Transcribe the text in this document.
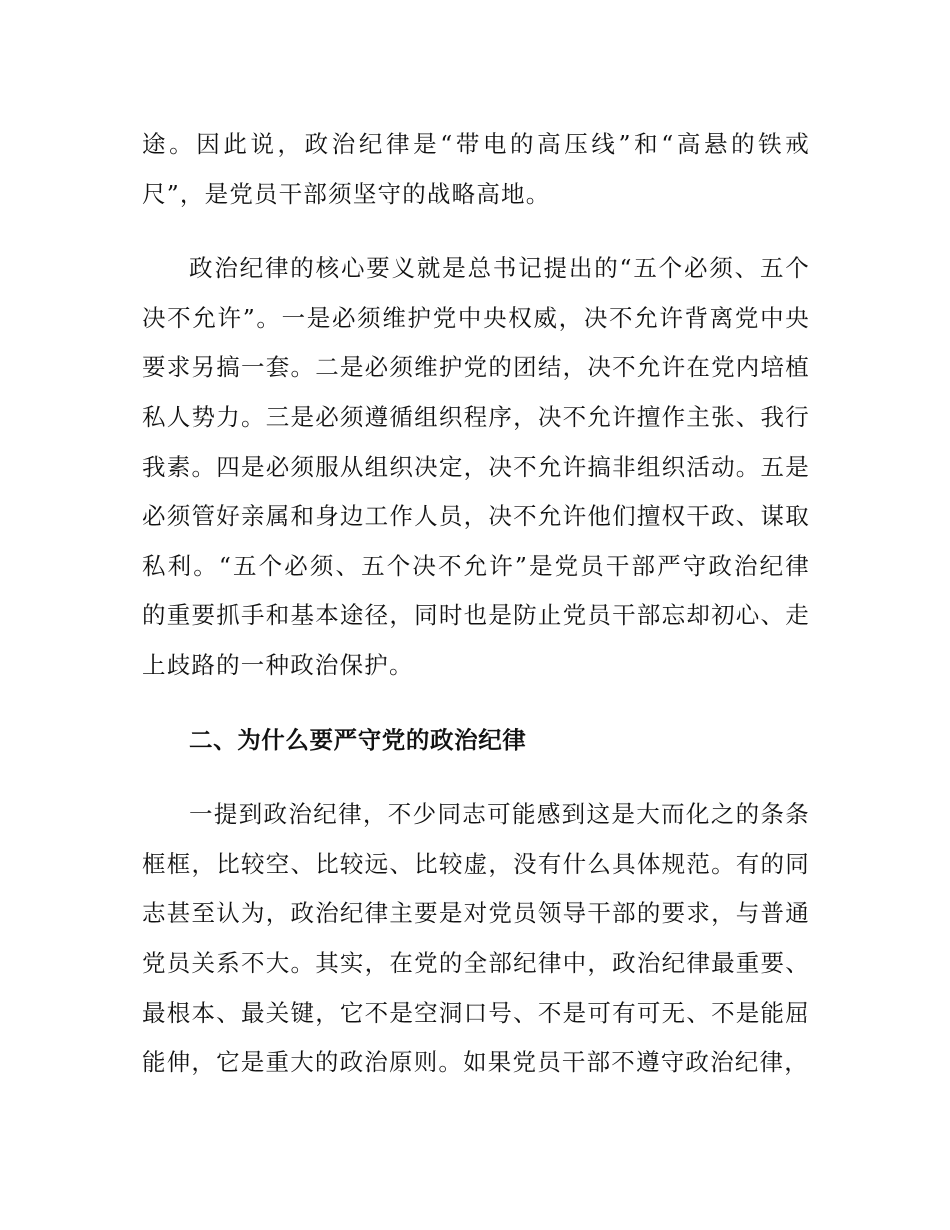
途。因此说，政治纪律是“带电的高压线”和“高悬的铁戒尺”，是党员干部须坚守的战略高地。

政治纪律的核心要义就是总书记提出的“五个必须、五个决不允许”。一是必须维护党中央权威，决不允许背离党中央要求另搞一套。二是必须维护党的团结，决不允许在党内培植私人势力。三是必须遵循组织程序，决不允许擅作主张、我行我素。四是必须服从组织决定，决不允许搞非组织活动。五是必须管好亲属和身边工作人员，决不允许他们擅权干政、谋取私利。“五个必须、五个决不允许”是党员干部严守政治纪律的重要抓手和基本途径，同时也是防止党员干部忘却初心、走上歧路的一种政治保护。

二、为什么要严守党的政治纪律

一提到政治纪律，不少同志可能感到这是大而化之的条条框框，比较空、比较远、比较虚，没有什么具体规范。有的同志甚至认为，政治纪律主要是对党员领导干部的要求，与普通党员关系不大。其实，在党的全部纪律中，政治纪律最重要、最根本、最关键，它不是空洞口号、不是可有可无、不是能屈能伸，它是重大的政治原则。如果党员干部不遵守政治纪律，
